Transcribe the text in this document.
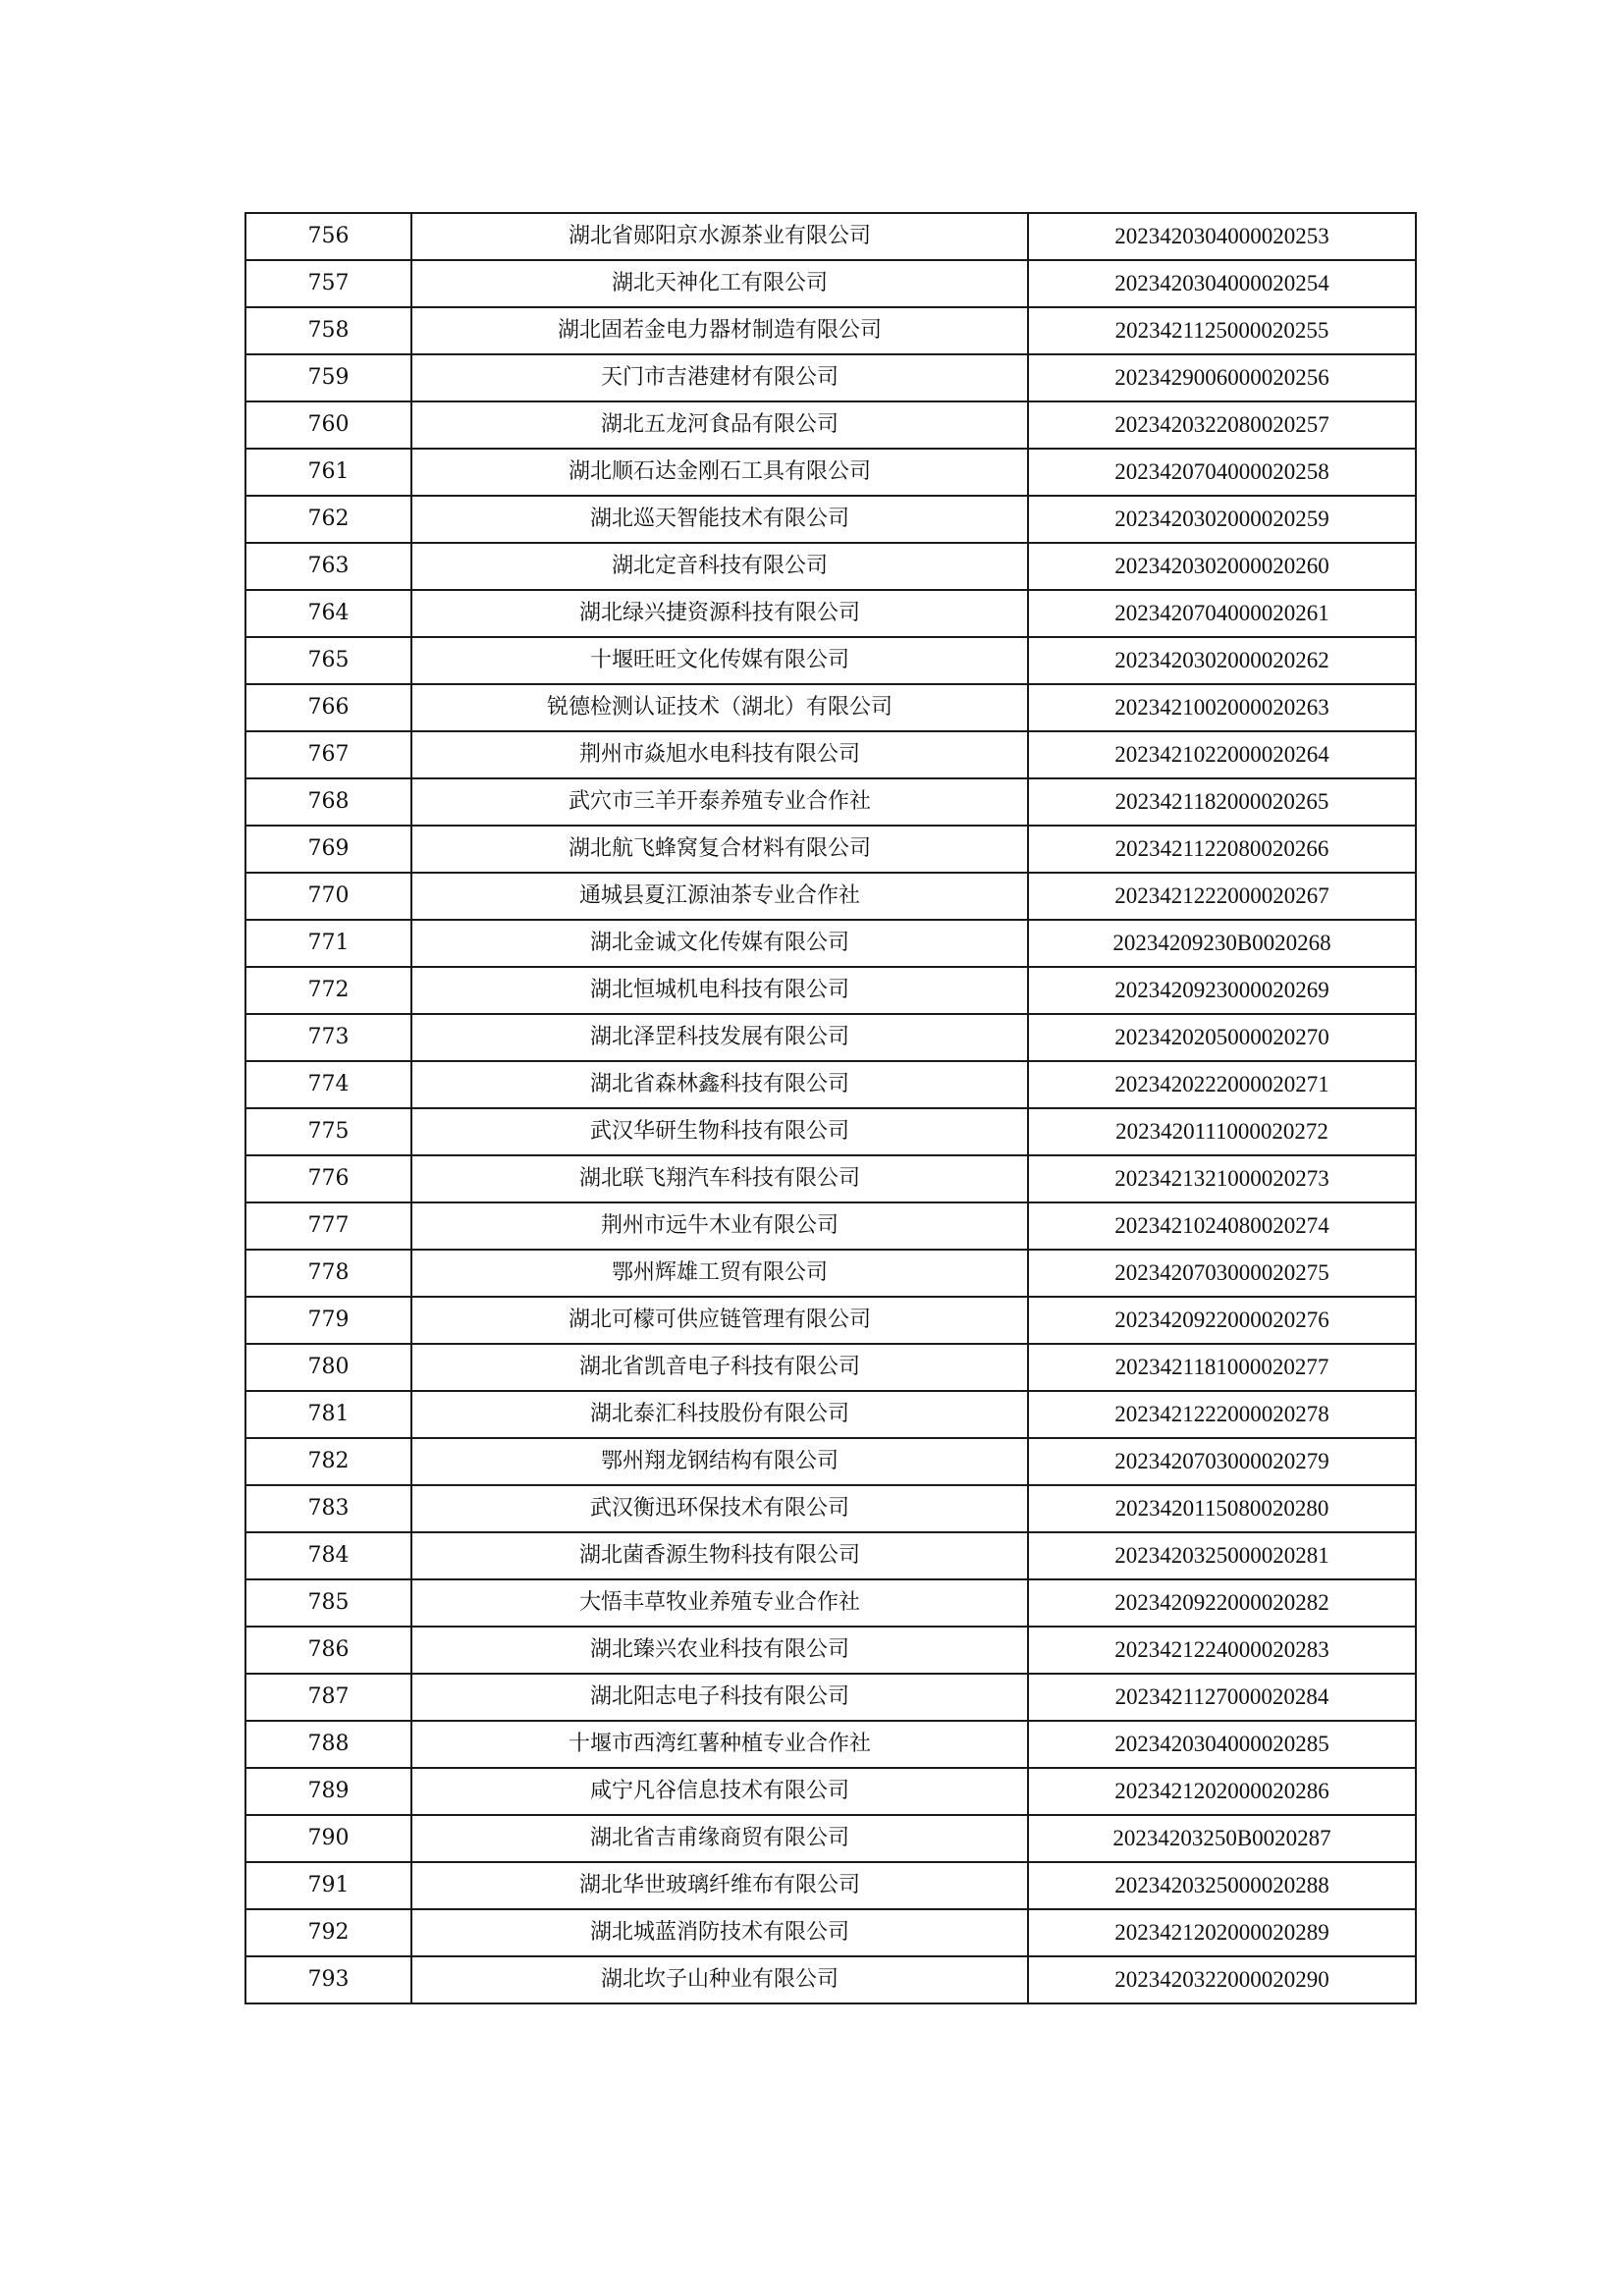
756	湖北省郧阳京水源茶业有限公司	2023420304000020253
757	湖北天神化工有限公司	2023420304000020254
758	湖北固若金电力器材制造有限公司	2023421125000020255
759	天门市吉港建材有限公司	2023429006000020256
760	湖北五龙河食品有限公司	2023420322080020257
761	湖北顺石达金刚石工具有限公司	2023420704000020258
762	湖北巡天智能技术有限公司	2023420302000020259
763	湖北定音科技有限公司	2023420302000020260
764	湖北绿兴捷资源科技有限公司	2023420704000020261
765	十堰旺旺文化传媒有限公司	2023420302000020262
766	锐德检测认证技术（湖北）有限公司	2023421002000020263
767	荆州市焱旭水电科技有限公司	2023421022000020264
768	武穴市三羊开泰养殖专业合作社	2023421182000020265
769	湖北航飞蜂窝复合材料有限公司	2023421122080020266
770	通城县夏江源油茶专业合作社	2023421222000020267
771	湖北金诚文化传媒有限公司	20234209230B0020268
772	湖北恒城机电科技有限公司	2023420923000020269
773	湖北泽罡科技发展有限公司	2023420205000020270
774	湖北省森林鑫科技有限公司	2023420222000020271
775	武汉华研生物科技有限公司	2023420111000020272
776	湖北联飞翔汽车科技有限公司	2023421321000020273
777	荆州市远牛木业有限公司	2023421024080020274
778	鄂州辉雄工贸有限公司	2023420703000020275
779	湖北可檬可供应链管理有限公司	2023420922000020276
780	湖北省凯音电子科技有限公司	2023421181000020277
781	湖北泰汇科技股份有限公司	2023421222000020278
782	鄂州翔龙钢结构有限公司	2023420703000020279
783	武汉衡迅环保技术有限公司	2023420115080020280
784	湖北菌香源生物科技有限公司	2023420325000020281
785	大悟丰草牧业养殖专业合作社	2023420922000020282
786	湖北臻兴农业科技有限公司	2023421224000020283
787	湖北阳志电子科技有限公司	2023421127000020284
788	十堰市西湾红薯种植专业合作社	2023420304000020285
789	咸宁凡谷信息技术有限公司	2023421202000020286
790	湖北省吉甫缘商贸有限公司	20234203250B0020287
791	湖北华世玻璃纤维布有限公司	2023420325000020288
792	湖北城蓝消防技术有限公司	2023421202000020289
793	湖北坎子山种业有限公司	2023420322000020290
